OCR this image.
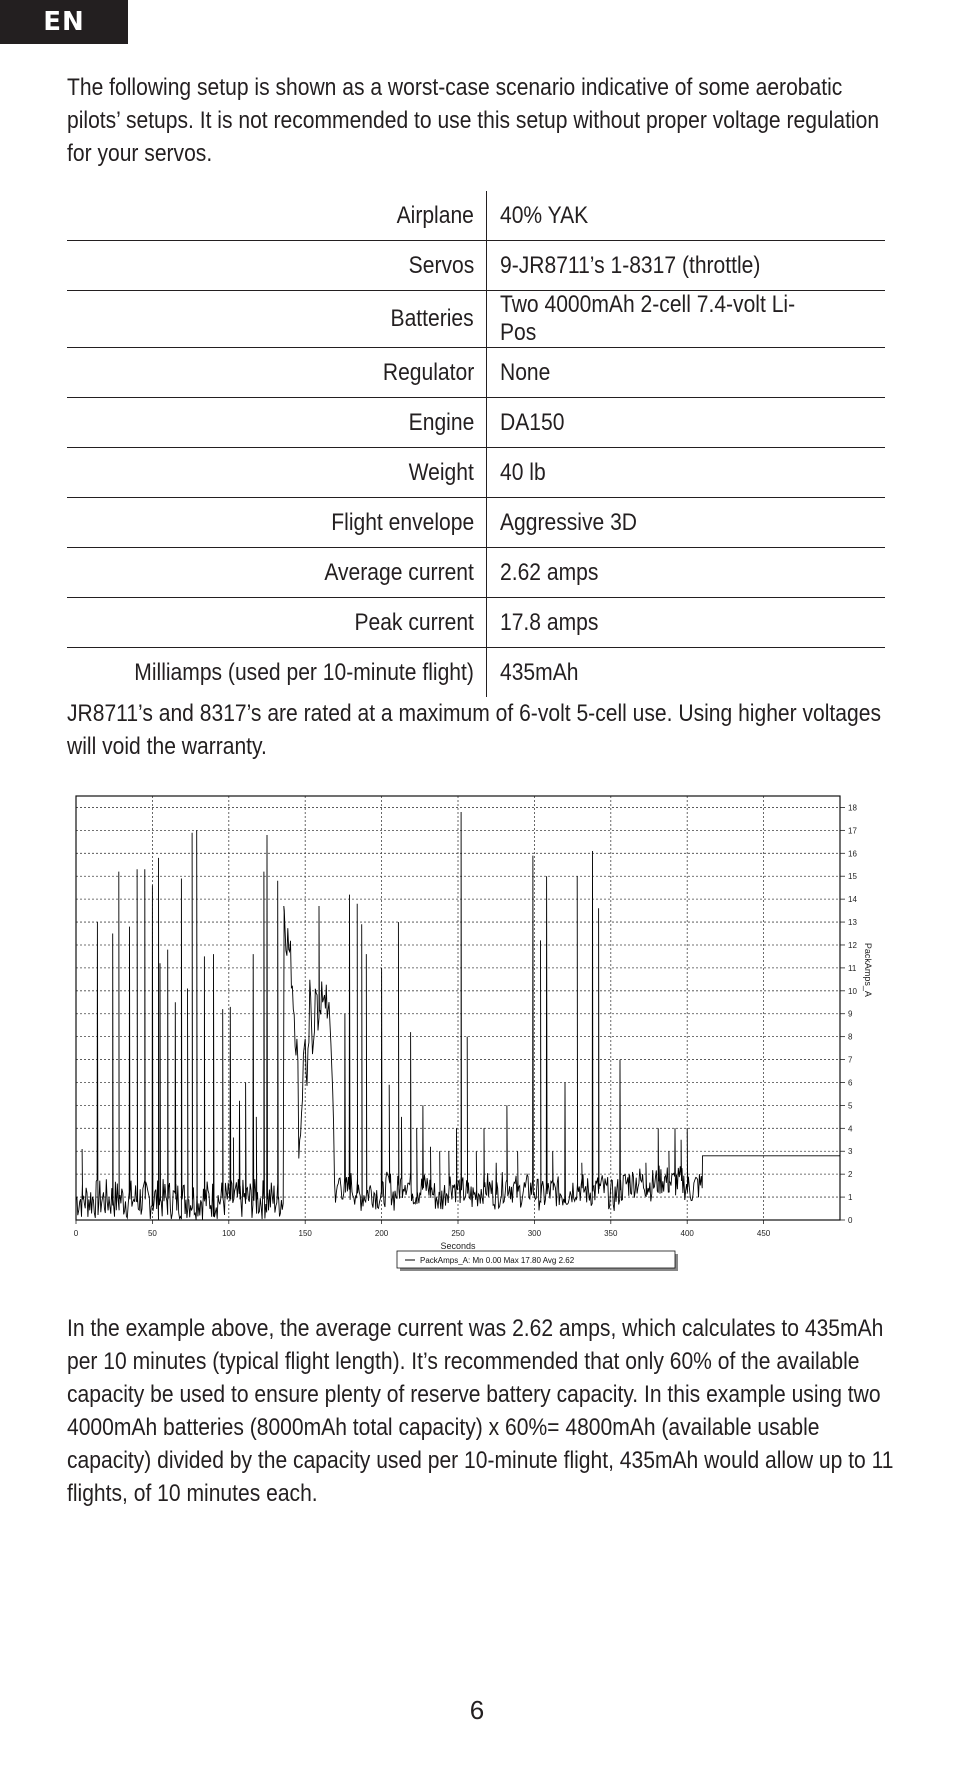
EN

The following setup is shown as a worst-case scenario indicative of some aerobatic pilots’ setups. It is not recommended to use this setup without proper voltage regulation for your servos.

Airplane	40% YAK
Servos	9-JR8711’s 1-8317 (throttle)
Batteries	Two 4000mAh 2-cell 7.4-volt Li-Pos
Regulator	None
Engine	DA150
Weight	40 lb
Flight envelope	Aggressive 3D
Average current	2.62 amps
Peak current	17.8 amps
Milliamps (used per 10-minute flight)	435mAh

JR8711’s and 8317’s are rated at a maximum of 6-volt 5-cell use. Using higher voltages will void the warranty.

0
1
2
3
4
5
6
7
8
9
10
11
12
13
14
15
16
17
18
0	50	100	150	200	250	300	350	400	450
Seconds
PackAmps_A
PackAmps_A: Mn 0.00 Max 17.80 Avg 2.62

In the example above, the average current was 2.62 amps, which calculates to 435mAh per 10 minutes (typical flight length). It’s recommended that only 60% of the available capacity be used to ensure plenty of reserve battery capacity. In this example using two 4000mAh batteries (8000mAh total capacity) x 60%= 4800mAh (available usable capacity) divided by the capacity used per 10-minute flight, 435mAh would allow up to 11 flights, of 10 minutes each.

6
